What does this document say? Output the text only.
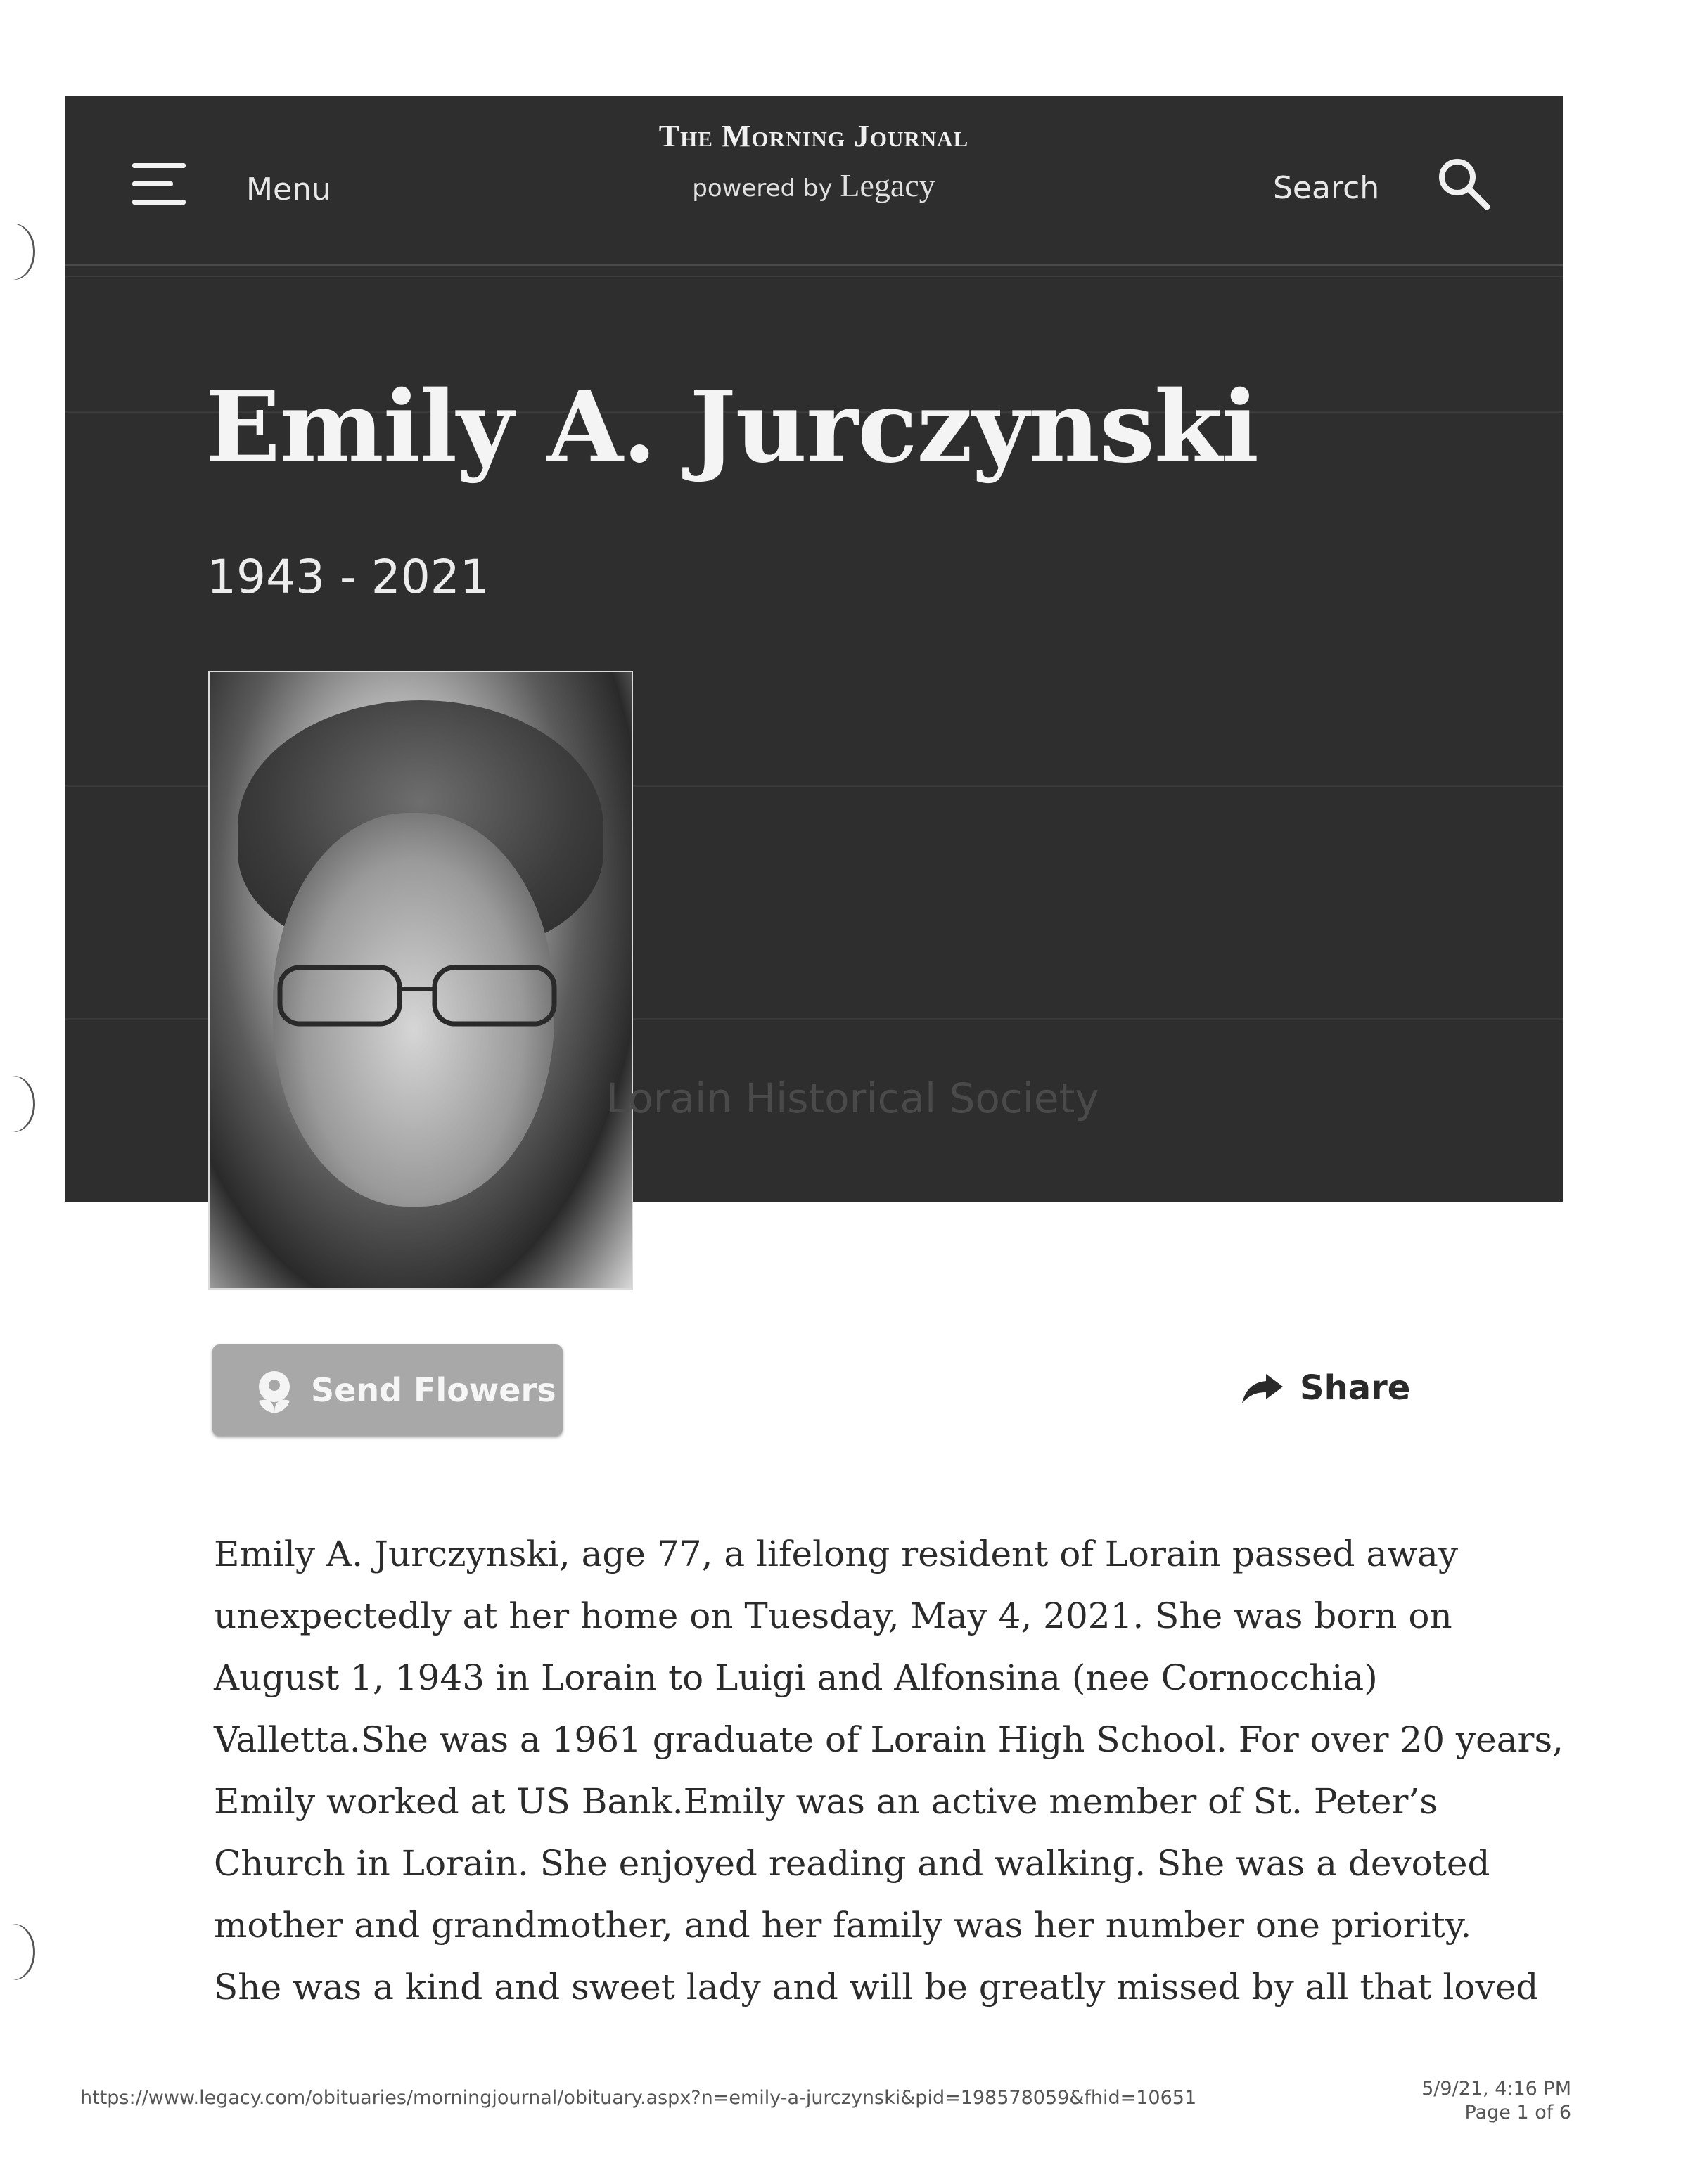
Menu
The Morning Journal
powered by Legacy	Search
Emily A. Jurczynski
1943 - 2021
Lorain Historical Society
Send Flowers	Share

Emily A. Jurczynski, age 77, a lifelong resident of Lorain passed away

unexpectedly at her home on Tuesday, May 4, 2021. She was born on

August 1, 1943 in Lorain to Luigi and Alfonsina (nee Cornocchia)

Valletta.She was a 1961 graduate of Lorain High School. For over 20 years,

Emily worked at US Bank.Emily was an active member of St. Peter’s

Church in Lorain. She enjoyed reading and walking. She was a devoted

mother and grandmother, and her family was her number one priority.

She was a kind and sweet lady and will be greatly missed by all that loved

https://www.legacy.com/obituaries/morningjournal/obituary.aspx?n=emily-a-jurczynski&pid=198578059&fhid=10651	5/9/21, 4:16 PM
Page 1 of 6
